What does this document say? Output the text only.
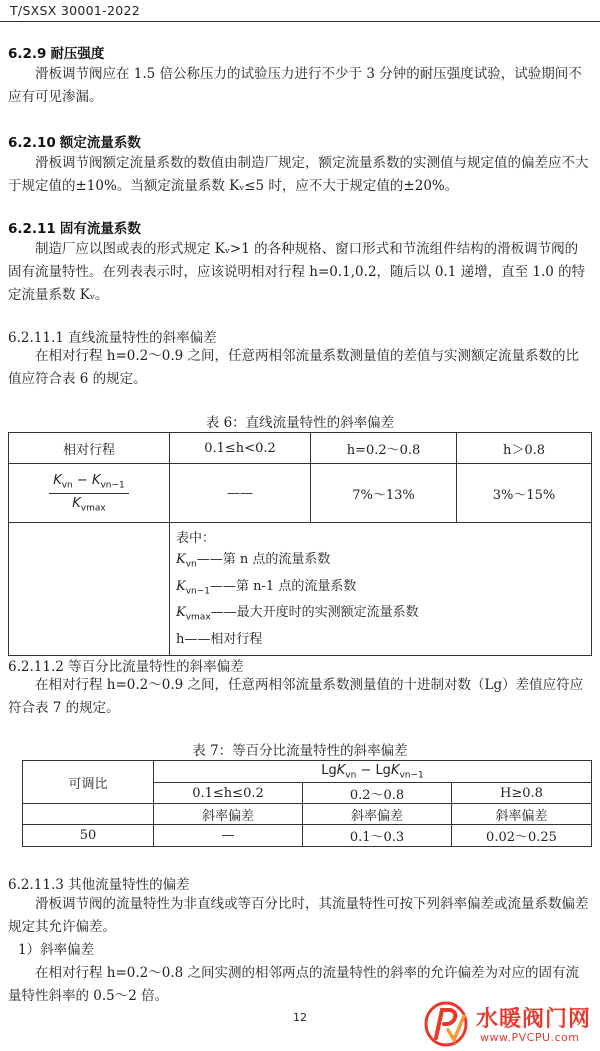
T/SXSX 30001-2022
6.2.9 耐压强度
滑板调节阀应在 1.5 倍公称压力的试验压力进行不少于 3 分钟的耐压强度试验，试验期间不应有可见渗漏。
6.2.10 额定流量系数
滑板调节阀额定流量系数的数值由制造厂规定，额定流量系数的实测值与规定值的偏差应不大于规定值的±10%。当额定流量系数 Kᵥ≤5 时，应不大于规定值的±20%。
6.2.11 固有流量系数
制造厂应以图或表的形式规定 Kᵥ>1 的各种规格、窗口形式和节流组件结构的滑板调节阀的固有流量特性。在列表表示时，应该说明相对行程 h=0.1,0.2，随后以 0.1 递增，直至 1.0 的特定流量系数 Kᵥ。
6.2.11.1 直线流量特性的斜率偏差
在相对行程 h=0.2～0.9 之间，任意两相邻流量系数测量值的差值与实测额定流量系数的比值应符合表 6 的规定。
表 6：直线流量特性的斜率偏差
相对行程	0.1≤h<0.2	h=0.2～0.8	h＞0.8

$\frac{K_{vn} - K_{vn-1}}{K_{vmax}}$	——	7%～13%	3%～15%

	表中：
$K_{vn}——$第 n 点的流量系数
$K_{vn-1}——$第 n-1 点的流量系数
$K_{vmax}——$最大开度时的实测额定流量系数
h——相对行程		
6.2.11.2 等百分比流量特性的斜率偏差
在相对行程 h=0.2～0.9 之间，任意两相邻流量系数测量值的十进制对数（Lg）差值应符应符合表 7 的规定。
表 7：等百分比流量特性的斜率偏差
可调比	LgK$_{vn}$ − LgK$_{vn-1}$
	0.1≤h≤0.2	0.2～0.8	H≥0.8
	斜率偏差	斜率偏差	斜率偏差
50	—	0.1～0.3	0.02～0.25
6.2.11.3 其他流量特性的偏差
滑板调节阀的流量特性为非直线或等百分比时，其流量特性可按下列斜率偏差或流量系数偏差规定其允许偏差。
1）斜率偏差
在相对行程 h=0.2～0.8 之间实测的相邻两点的流量特性的斜率的允许偏差为对应的固有流量特性斜率的 0.5～2 倍。
12	水暖阀门网
www.PVCPU.com
